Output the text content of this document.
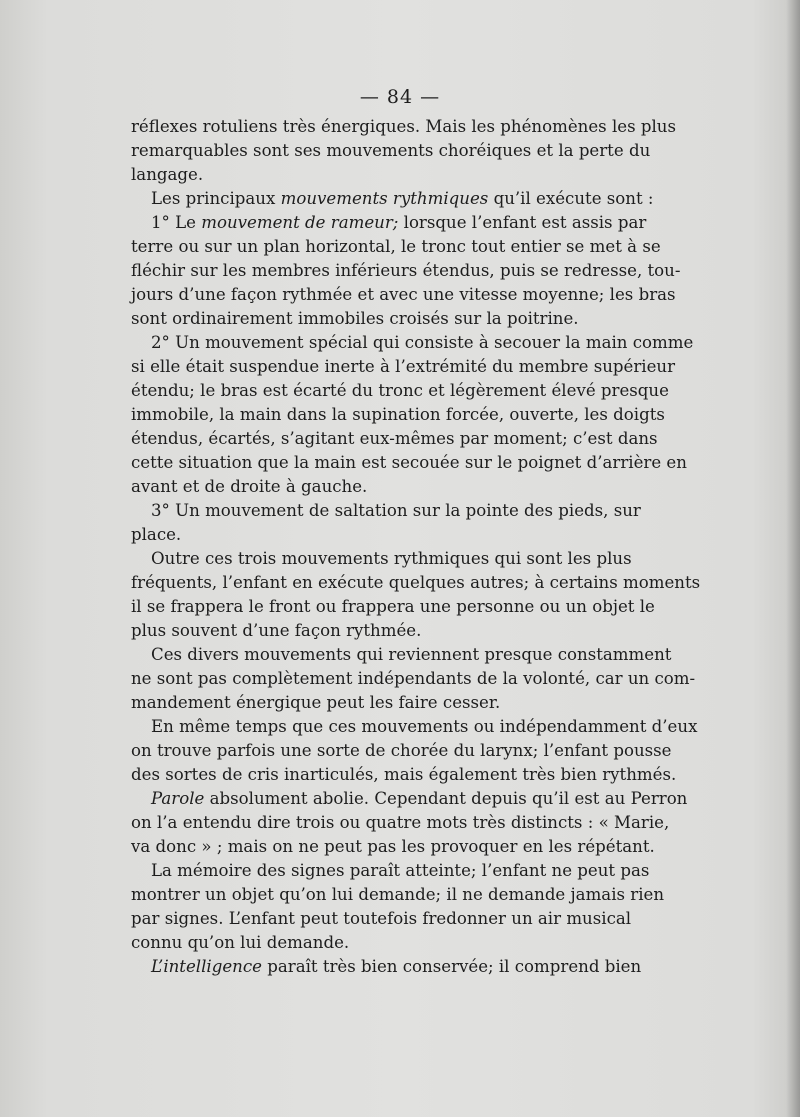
— 84 —
réflexes rotuliens très énergiques. Mais les phénomènes les plus
remarquables sont ses mouvements choréiques et la perte du
langage.
Les principaux mouvements rythmiques qu’il exécute sont :
1° Le mouvement de rameur; lorsque l’enfant est assis par
terre ou sur un plan horizontal, le tronc tout entier se met à se
fléchir sur les membres inférieurs étendus, puis se redresse, tou-
jours d’une façon rythmée et avec une vitesse moyenne; les bras
sont ordinairement immobiles croisés sur la poitrine.
2° Un mouvement spécial qui consiste à secouer la main comme
si elle était suspendue inerte à l’extrémité du membre supérieur
étendu; le bras est écarté du tronc et légèrement élevé presque
immobile, la main dans la supination forcée, ouverte, les doigts
étendus, écartés, s’agitant eux-mêmes par moment; c’est dans
cette situation que la main est secouée sur le poignet d’arrière en
avant et de droite à gauche.
3° Un mouvement de saltation sur la pointe des pieds, sur
place.
Outre ces trois mouvements rythmiques qui sont les plus
fréquents, l’enfant en exécute quelques autres; à certains moments
il se frappera le front ou frappera une personne ou un objet le
plus souvent d’une façon rythmée.
Ces divers mouvements qui reviennent presque constamment
ne sont pas complètement indépendants de la volonté, car un com-
mandement énergique peut les faire cesser.
En même temps que ces mouvements ou indépendamment d’eux
on trouve parfois une sorte de chorée du larynx; l’enfant pousse
des sortes de cris inarticulés, mais également très bien rythmés.
Parole absolument abolie. Cependant depuis qu’il est au Perron
on l’a entendu dire trois ou quatre mots très distincts : « Marie,
va donc » ; mais on ne peut pas les provoquer en les répétant.
La mémoire des signes paraît atteinte; l’enfant ne peut pas
montrer un objet qu’on lui demande; il ne demande jamais rien
par signes. L’enfant peut toutefois fredonner un air musical
connu qu’on lui demande.
L’intelligence paraît très bien conservée; il comprend bien
